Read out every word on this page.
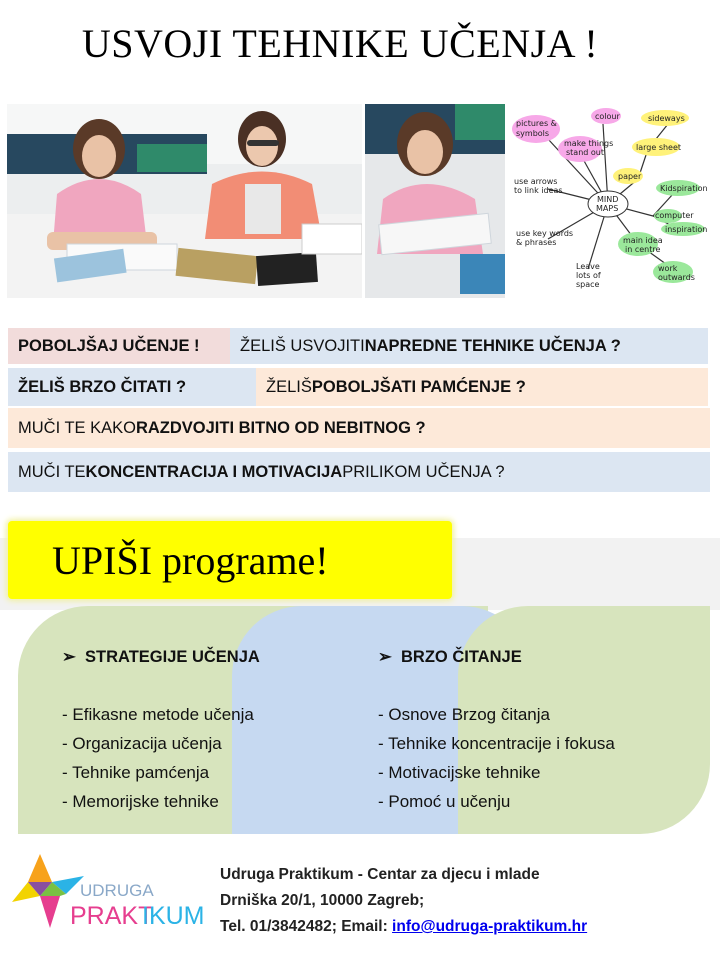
USVOJI TEHNIKE UČENJA !
pictures &
symbols
colour
make things
stand out
sideways
large sheet
paper
use arrows
to link ideas
MIND
MAPS
Kidspiration
computer
inspiration
use key words
& phrases	main idea
in centre
Leave
lots of
space
work
outwards
POBOLJŠAJ UČENJE ! ŽELIŠ USVOJITI NAPREDNE TEHNIKE UČENJA ?
ŽELIŠ BRZO ČITATI ?	ŽELIŠ POBOLJŠATI PAMĆENJE ?
MUČI TE KAKO RAZDVOJITI BITNO OD NEBITNOG ?
MUČI TE KONCENTRACIJA I MOTIVACIJA PRILIKOM UČENJA ?
UPIŠI programe!
➢  STRATEGIJE UČENJA
- Efikasne metode učenja
- Organizacija učenja
- Tehnike pamćenja
- Memorijske tehnike
➢  BRZO ČITANJE
- Osnove Brzog čitanja
- Tehnike koncentracije i fokusa
- Motivacijske tehnike
- Pomoć u učenju
UDRUGA
PRAKT
IKUM
Udruga Praktikum - Centar za djecu i mlade
Drniška 20/1, 10000 Zagreb;
Tel. 01/3842482; Email: info@udruga-praktikum.hr
